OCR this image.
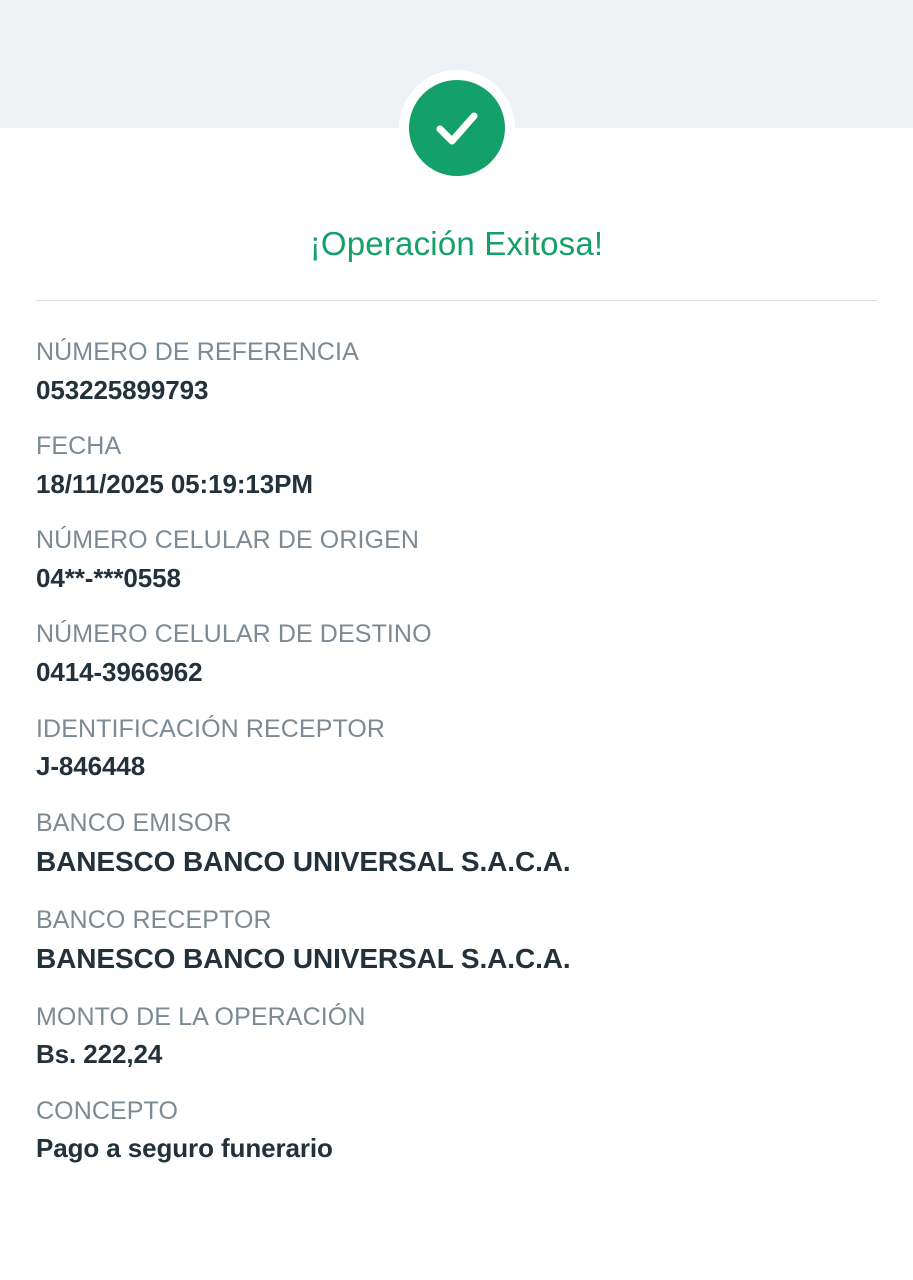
¡Operación Exitosa!
NÚMERO DE REFERENCIA
053225899793
FECHA
18/11/2025 05:19:13PM
NÚMERO CELULAR DE ORIGEN
04**-***0558
NÚMERO CELULAR DE DESTINO
0414-3966962
IDENTIFICACIÓN RECEPTOR
J-846448
BANCO EMISOR
BANESCO BANCO UNIVERSAL S.A.C.A.
BANCO RECEPTOR
BANESCO BANCO UNIVERSAL S.A.C.A.
MONTO DE LA OPERACIÓN
Bs. 222,24
CONCEPTO
Pago a seguro funerario
